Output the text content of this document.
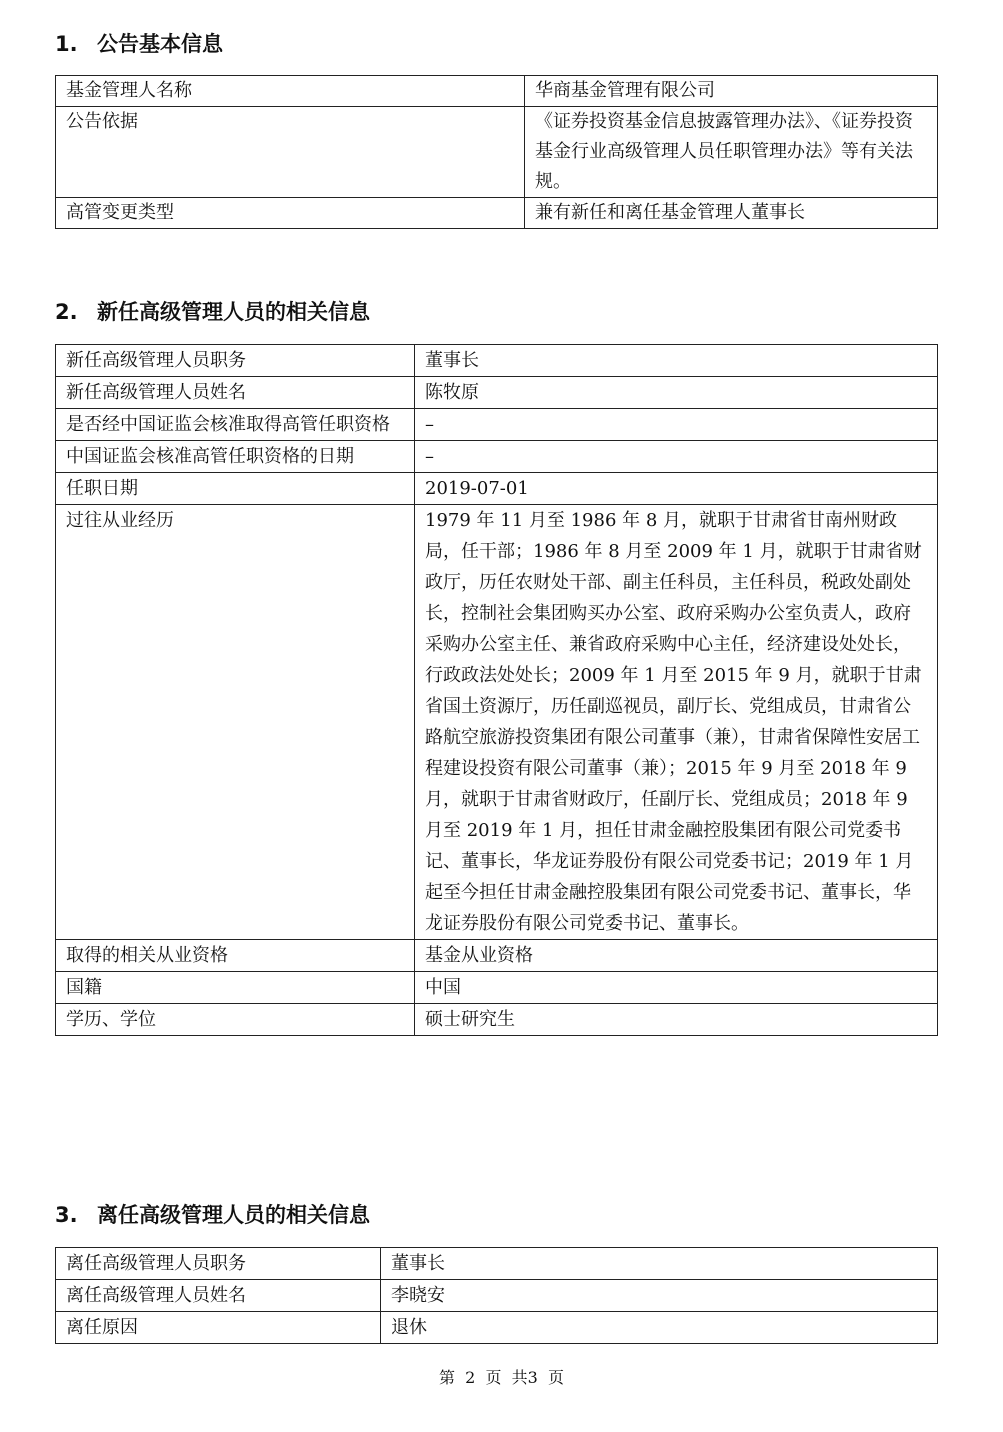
1. 公告基本信息
基金管理人名称	华商基金管理有限公司
公告依据	《证券投资基金信息披露管理办法》、《证券投资基金行业高级管理人员任职管理办法》等有关法规。
高管变更类型	兼有新任和离任基金管理人董事长
2. 新任高级管理人员的相关信息
新任高级管理人员职务	董事长
新任高级管理人员姓名	陈牧原
是否经中国证监会核准取得高管任职资格	–
中国证监会核准高管任职资格的日期	–
任职日期	2019-07-01
过往从业经历	1979 年 11 月至 1986 年 8 月，就职于甘肃省甘南州财政局，任干部；1986 年 8 月至 2009 年 1 月，就职于甘肃省财政厅，历任农财处干部、副主任科员，主任科员，税政处副处长，控制社会集团购买办公室、政府采购办公室负责人，政府采购办公室主任、兼省政府采购中心主任，经济建设处处长，行政政法处处长；2009 年 1 月至 2015 年 9 月，就职于甘肃省国土资源厅，历任副巡视员，副厅长、党组成员，甘肃省公路航空旅游投资集团有限公司董事（兼），甘肃省保障性安居工程建设投资有限公司董事（兼）；2015 年 9 月至 2018 年 9 月，就职于甘肃省财政厅，任副厅长、党组成员；2018 年 9 月至 2019 年 1 月，担任甘肃金融控股集团有限公司党委书记、董事长，华龙证券股份有限公司党委书记；2019 年 1 月起至今担任甘肃金融控股集团有限公司党委书记、董事长，华龙证券股份有限公司党委书记、董事长。
取得的相关从业资格	基金从业资格
国籍	中国
学历、学位	硕士研究生
3. 离任高级管理人员的相关信息
离任高级管理人员职务	董事长
离任高级管理人员姓名	李晓安
离任原因	退休
第  2  页  共3  页
